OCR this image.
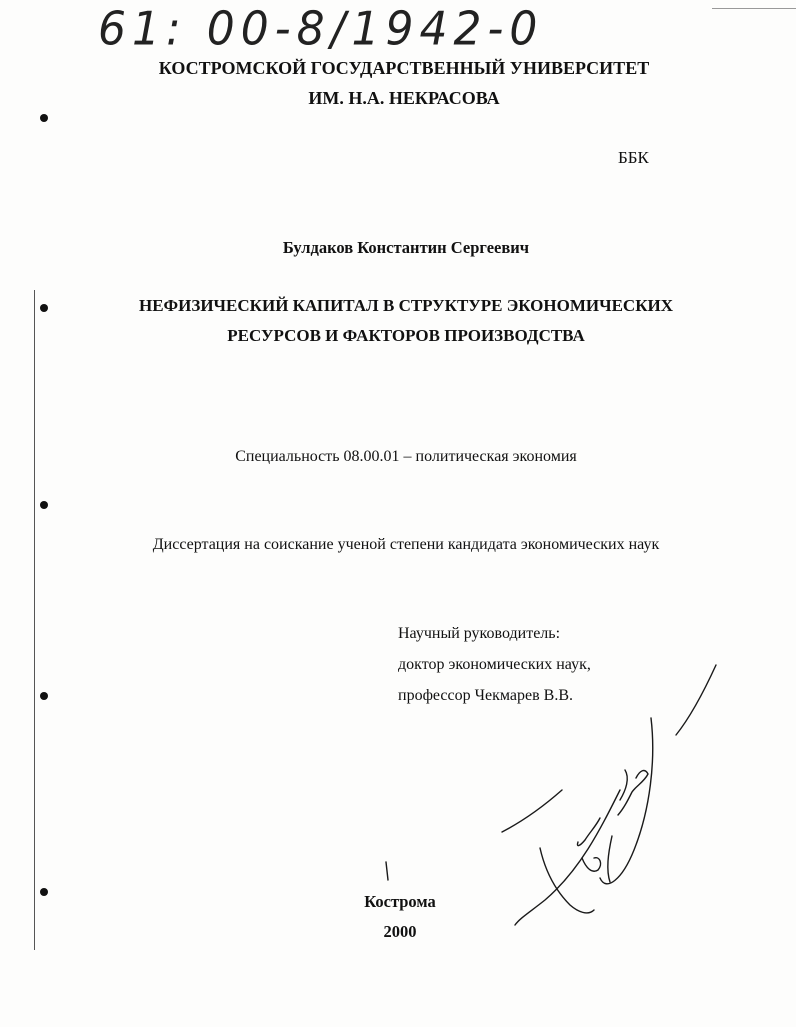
61: 00-8/1942-0
КОСТРОМСКОЙ ГОСУДАРСТВЕННЫЙ УНИВЕРСИТЕТ
ИМ. Н.А. НЕКРАСОВА
ББК
Булдаков Константин Сергеевич
НЕФИЗИЧЕСКИЙ КАПИТАЛ В СТРУКТУРЕ ЭКОНОМИЧЕСКИХ
РЕСУРСОВ И ФАКТОРОВ ПРОИЗВОДСТВА
Специальность 08.00.01 – политическая экономия
Диссертация на соискание ученой степени кандидата экономических наук
Научный руководитель:
доктор экономических наук,
профессор Чекмарев В.В.
Кострома
2000
